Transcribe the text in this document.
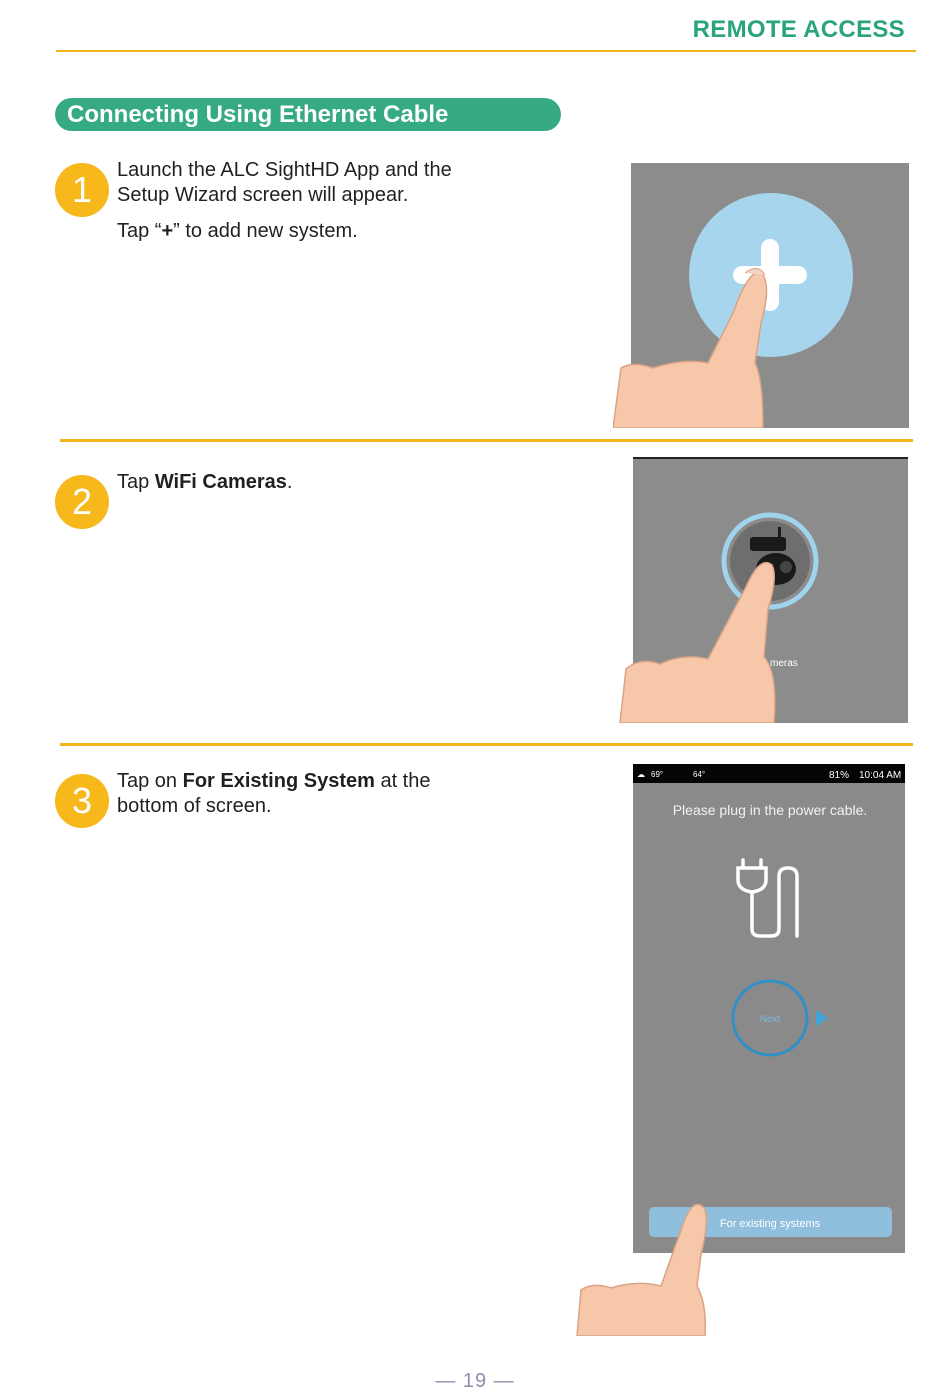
REMOTE ACCESS
Connecting Using Ethernet Cable
1	Launch the ALC SightHD App and the
Setup Wizard screen will appear.

Tap “+” to add new system.

2	Tap WiFi Cameras.

meras
3	Tap on For Existing System at the
bottom of screen.

☁ 69°	64°	81% 10:04 AM
Please plug in the power cable.
Next
For existing systems
— 19 —
